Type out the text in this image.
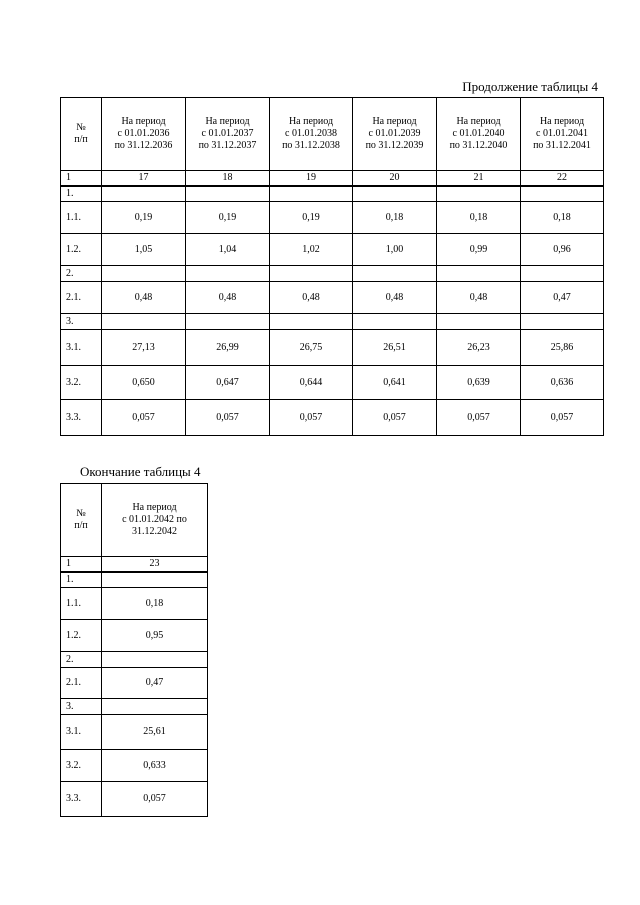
Продолжение таблицы 4
№
п/п	На период
с 01.01.2036
по 31.12.2036	На период
с 01.01.2037
по 31.12.2037	На период
с 01.01.2038
по 31.12.2038	На период
с 01.01.2039
по 31.12.2039	На период
с 01.01.2040
по 31.12.2040	На период
с 01.01.2041
по 31.12.2041
1	17	18	19	20	21	22
1.						
1.1.	0,19	0,19	0,19	0,18	0,18	0,18
1.2.	1,05	1,04	1,02	1,00	0,99	0,96
2.						
2.1.	0,48	0,48	0,48	0,48	0,48	0,47
3.						
3.1.	27,13	26,99	26,75	26,51	26,23	25,86
3.2.	0,650	0,647	0,644	0,641	0,639	0,636
3.3.	0,057	0,057	0,057	0,057	0,057	0,057
Окончание таблицы 4
№
п/п	На период
с 01.01.2042 по
31.12.2042
1	23
1.	
1.1.	0,18
1.2.	0,95
2.	
2.1.	0,47
3.	
3.1.	25,61
3.2.	0,633
3.3.	0,057
